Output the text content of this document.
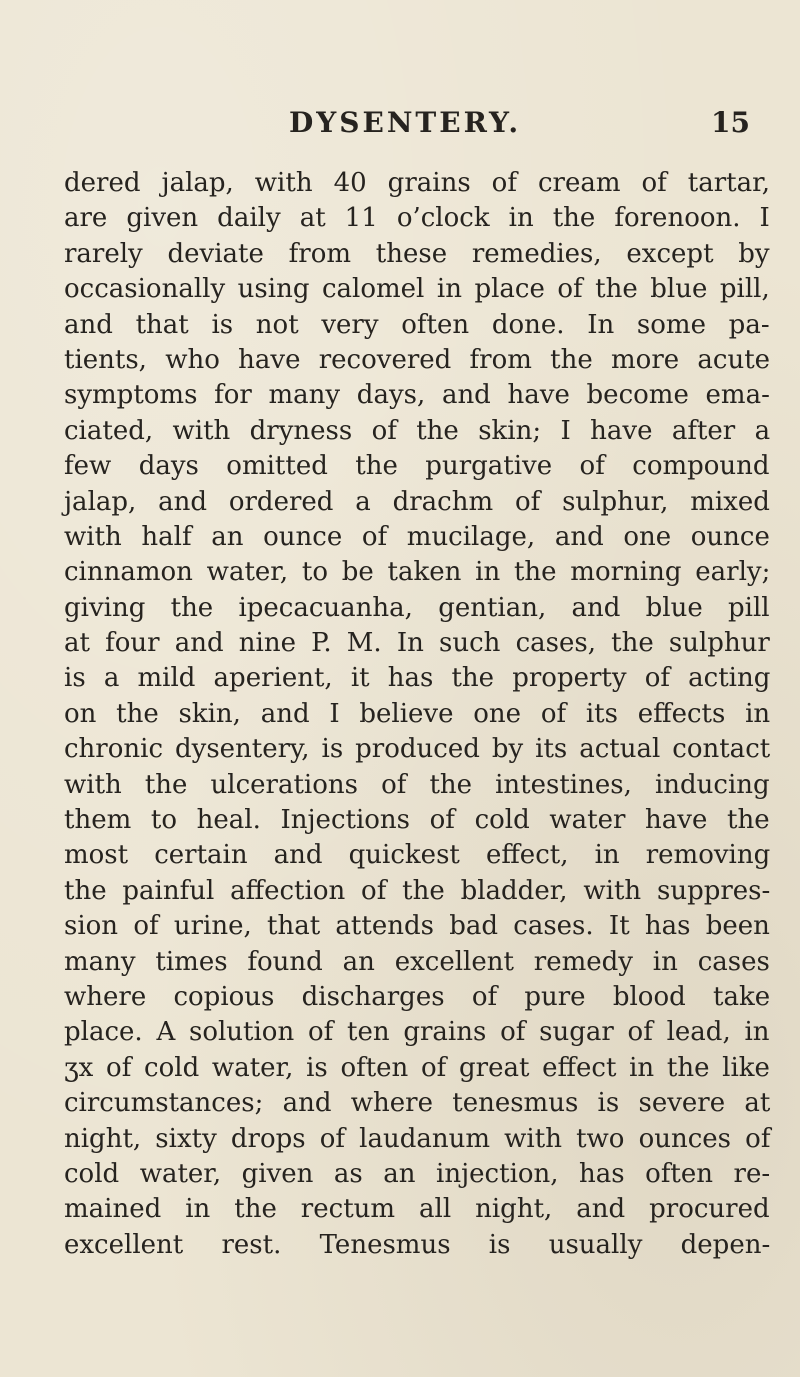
DYSENTERY.	15
dered jalap, with 40 grains of cream of tartar,
are given daily at 11 o’clock in the forenoon. I
rarely deviate from these remedies, except by
occasionally using calomel in place of the blue pill,
and that is not very often done. In some pa-
tients, who have recovered from the more acute
symptoms for many days, and have become ema-
ciated, with dryness of the skin; I have after a
few days omitted the purgative of compound
jalap, and ordered a drachm of sulphur, mixed
with half an ounce of mucilage, and one ounce
cinnamon water, to be taken in the morning early;
giving the ipecacuanha, gentian, and blue pill
at four and nine P. M. In such cases, the sulphur
is a mild aperient, it has the property of acting
on the skin, and I believe one of its effects in
chronic dysentery, is produced by its actual contact
with the ulcerations of the intestines, inducing
them to heal. Injections of cold water have the
most certain and quickest effect, in removing
the painful affection of the bladder, with suppres-
sion of urine, that attends bad cases. It has been
many times found an excellent remedy in cases
where copious discharges of pure blood take
place. A solution of ten grains of sugar of lead, in
ʒx of cold water, is often of great effect in the like
circumstances; and where tenesmus is severe at
night, sixty drops of laudanum with two ounces of
cold water, given as an injection, has often re-
mained in the rectum all night, and procured
excellent rest. Tenesmus is usually depen-
